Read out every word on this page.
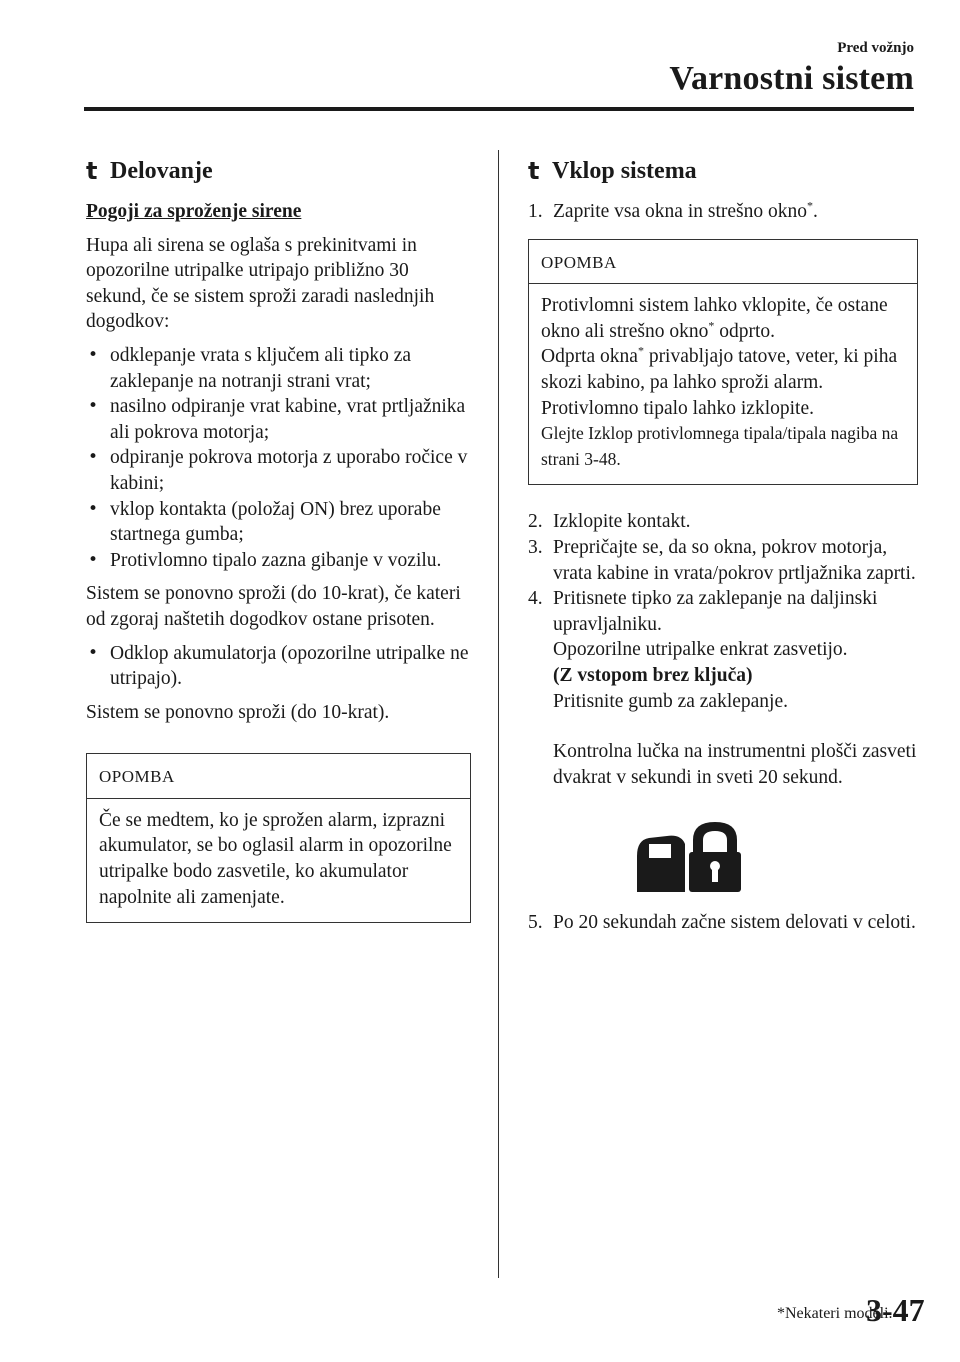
Pred vožnjo
Varnostni sistem
t Delovanje
Pogoji za sproženje sirene

Hupa ali sirena se oglaša s prekinitvami in opozorilne utripalke utripajo približno 30 sekund, če se sistem sproži zaradi naslednjih dogodkov:

• odklepanje vrata s ključem ali tipko za zaklepanje na notranji strani vrat;
• nasilno odpiranje vrat kabine, vrat prtljažnika ali pokrova motorja;
• odpiranje pokrova motorja z uporabo ročice v kabini;
• vklop kontakta (položaj ON) brez uporabe startnega gumba;
• Protivlomno tipalo zazna gibanje v vozilu.

Sistem se ponovno sproži (do 10-krat), če kateri od zgoraj naštetih dogodkov ostane prisoten.

• Odklop akumulatorja (opozorilne utripalke ne utripajo).

Sistem se ponovno sproži (do 10-krat).

OPOMBA

Če se medtem, ko je sprožen alarm, izprazni akumulator, se bo oglasil alarm in opozorilne utripalke bodo zasvetile, ko akumulator napolnite ali zamenjate.

t Vklop sistema
1. Zaprite vsa okna in strešno okno*.
OPOMBA

Protivlomni sistem lahko vklopite, če ostane okno ali strešno okno* odprto.

Odprta okna* privabljajo tatove, veter, ki piha skozi kabino, pa lahko sproži alarm.

Protivlomno tipalo lahko izklopite.

Glejte Izklop protivlomnega tipala/tipala nagiba na strani 3-48.

2. Izklopite kontakt.
3. Prepričajte se, da so okna, pokrov motorja, vrata kabine in vrata/pokrov prtljažnika zaprti.
4. Pritisnete tipko za zaklepanje na daljinski upravljalniku.
Opozorilne utripalke enkrat zasvetijo.
(Z vstopom brez ključa)
Pritisnite gumb za zaklepanje.
Kontrolna lučka na instrumentni plošči zasveti dvakrat v sekundi in sveti 20 sekund.
5. Po 20 sekundah začne sistem delovati v celoti.
*Nekateri modeli.
3-47
